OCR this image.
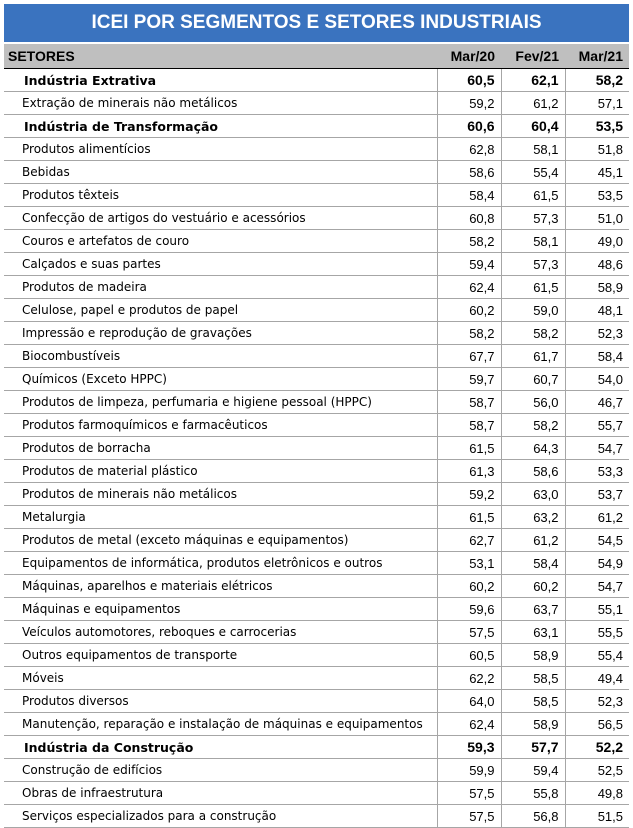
ICEI POR SEGMENTOS E SETORES INDUSTRIAIS
SETORES	Mar/20	Fev/21	Mar/21
Indústria Extrativa	60,5	62,1	58,2
Extração de minerais não metálicos	59,2	61,2	57,1
Indústria de Transformação	60,6	60,4	53,5
Produtos alimentícios	62,8	58,1	51,8
Bebidas	58,6	55,4	45,1
Produtos têxteis	58,4	61,5	53,5
Confecção de artigos do vestuário e acessórios	60,8	57,3	51,0
Couros e artefatos de couro	58,2	58,1	49,0
Calçados e suas partes	59,4	57,3	48,6
Produtos de madeira	62,4	61,5	58,9
Celulose, papel e produtos de papel	60,2	59,0	48,1
Impressão e reprodução de gravações	58,2	58,2	52,3
Biocombustíveis	67,7	61,7	58,4
Químicos (Exceto HPPC)	59,7	60,7	54,0
Produtos de limpeza, perfumaria e higiene pessoal (HPPC)	58,7	56,0	46,7
Produtos farmoquímicos e farmacêuticos	58,7	58,2	55,7
Produtos de borracha	61,5	64,3	54,7
Produtos de material plástico	61,3	58,6	53,3
Produtos de minerais não metálicos	59,2	63,0	53,7
Metalurgia	61,5	63,2	61,2
Produtos de metal (exceto máquinas e equipamentos)	62,7	61,2	54,5
Equipamentos de informática, produtos eletrônicos e outros	53,1	58,4	54,9
Máquinas, aparelhos e materiais elétricos	60,2	60,2	54,7
Máquinas e equipamentos	59,6	63,7	55,1
Veículos automotores, reboques e carrocerias	57,5	63,1	55,5
Outros equipamentos de transporte	60,5	58,9	55,4
Móveis	62,2	58,5	49,4
Produtos diversos	64,0	58,5	52,3
Manutenção, reparação e instalação de máquinas e equipamentos	62,4	58,9	56,5
Indústria da Construção	59,3	57,7	52,2
Construção de edifícios	59,9	59,4	52,5
Obras de infraestrutura	57,5	55,8	49,8
Serviços especializados para a construção	57,5	56,8	51,5
